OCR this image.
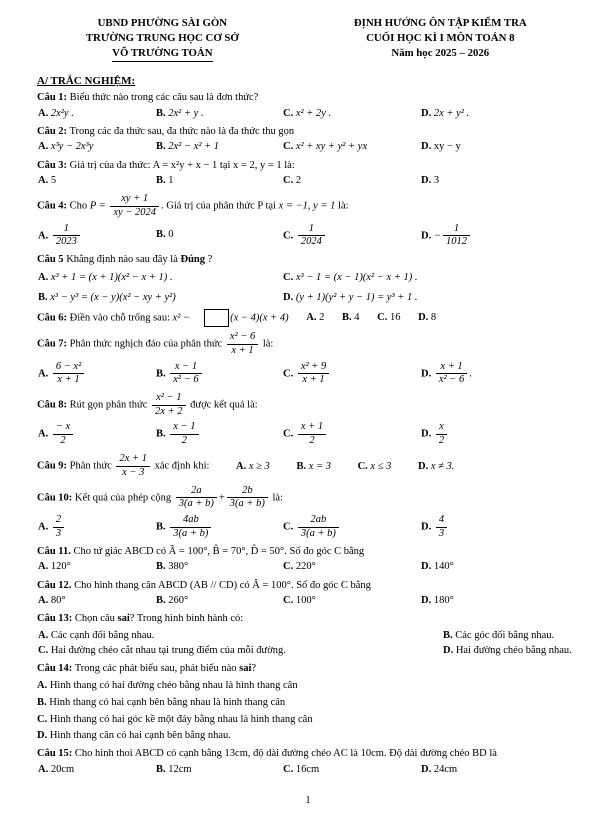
UBND PHƯỜNG SÀI GÒN
TRƯỜNG TRUNG HỌC CƠ SỞ
VÕ TRƯỜNG TOẢN
ĐỊNH HƯỚNG ÔN TẬP KIỂM TRA
CUỐI HỌC KÌ I MÔN TOÁN 8
Năm học 2025 – 2026
A/ TRẮC NGHIỆM:
Câu 1: Biểu thức nào trong các câu sau là đơn thức?
A. 2x²y .	B. 2x² + y .	C. x² + 2y .	D. 2x + y² .
Câu 2: Trong các đa thức sau, đa thức nào là đa thức thu gọn
A. x³y − 2x³y	B. 2x² − x² + 1	C. x² + xy + y² + yx	D. xy − y
Câu 3: Giá trị của đa thức: A = x²y + x − 1 tại x = 2, y = 1 là:
A. 5	B. 1	C. 2	D. 3
Câu 4: Cho $P = \frac{xy + 1}{xy - 2024}$ . Giá trị của phân thức P tại x = −1, y = 1 là:
A. $\frac{1}{2023}$	B. 0	C. $\frac{1}{2024}$	D. − $\frac{1}{1012}$
Câu 5 Khẳng định nào sau đây là Đúng ?
A. x³ + 1 = (x + 1)(x² − x + 1) .	C. x³ − 1 = (x − 1)(x² − x + 1) .
B. x³ − y³ = (x − y)(x² − xy + y²)	D. (y + 1)(y² + y − 1) = y³ + 1 .
Câu 6: Điền vào chỗ trống sau: x² −	(x − 4)(x + 4) A. 2 B. 4 C. 16 D. 8
Câu 7: Phân thức nghịch đảo của phân thức $\frac{\text{x² − 6}}{x + 1}$ là:
A. $\frac{\text{6 − x²}}{x + 1}$	B. $\frac{x - 1}{\text{x² − 6}}$	C. $\frac{\text{x² + 9}}{x + 1}$	D. $\frac{x + 1}{\text{x² − 6}}$ .
Câu 8: Rút gọn phân thức $\frac{\text{x² − 1}}{2x + 2}$ được kết quả là:
A. $\frac{- x}{2}$	B. $\frac{x - 1}{2}$	C. $\frac{x + 1}{2}$	D. $\frac{x}{2}$
Câu 9: Phân thức $\frac{2x + 1}{x - 3}$ xác định khi:	A. x ≥ 3	B. x = 3	C. x ≤ 3	D. x ≠ 3.
Câu 10: Kết quả của phép cộng $\frac{2a}{3(a + b)} + \frac{2b}{3(a + b)}$ là:
A. $\frac{2}{3}$	B. $\frac{4ab}{3(a + b)}$	C. $\frac{2ab}{3(a + b)}$	D. $\frac{4}{3}$
Câu 11. Cho tứ giác ABCD có Â = 100°, B̂ = 70°, D̂ = 50°. Số đo góc C bằng
A. 120°	B. 380°	C. 220°	D. 140°
Câu 12. Cho hình thang cân ABCD (AB // CD) có Â = 100°. Số đo góc C bằng
A. 80°	B. 260°	C. 100°	D. 180°
Câu 13: Chọn câu sai? Trong hình bình hành có:
A. Các cạnh đối bằng nhau.	B. Các góc đối bằng nhau.
C. Hai đường chéo cắt nhau tại trung điểm của mỗi đường.	D. Hai đường chéo bằng nhau.
Câu 14: Trong các phát biểu sau, phát biểu nào sai?
A. Hình thang có hai đường chéo bằng nhau là hình thang cân
B. Hình thang có hai cạnh bên bằng nhau là hình thang cân
C. Hình thang có hai góc kề một đáy bằng nhau là hình thang cân
D. Hình thang cân có hai cạnh bên bằng nhau.
Câu 15: Cho hình thoi ABCD có cạnh bằng 13cm, độ dài đường chéo AC là 10cm. Độ dài đường chéo BD là
A. 20cm	B. 12cm	C. 16cm	D. 24cm
1
